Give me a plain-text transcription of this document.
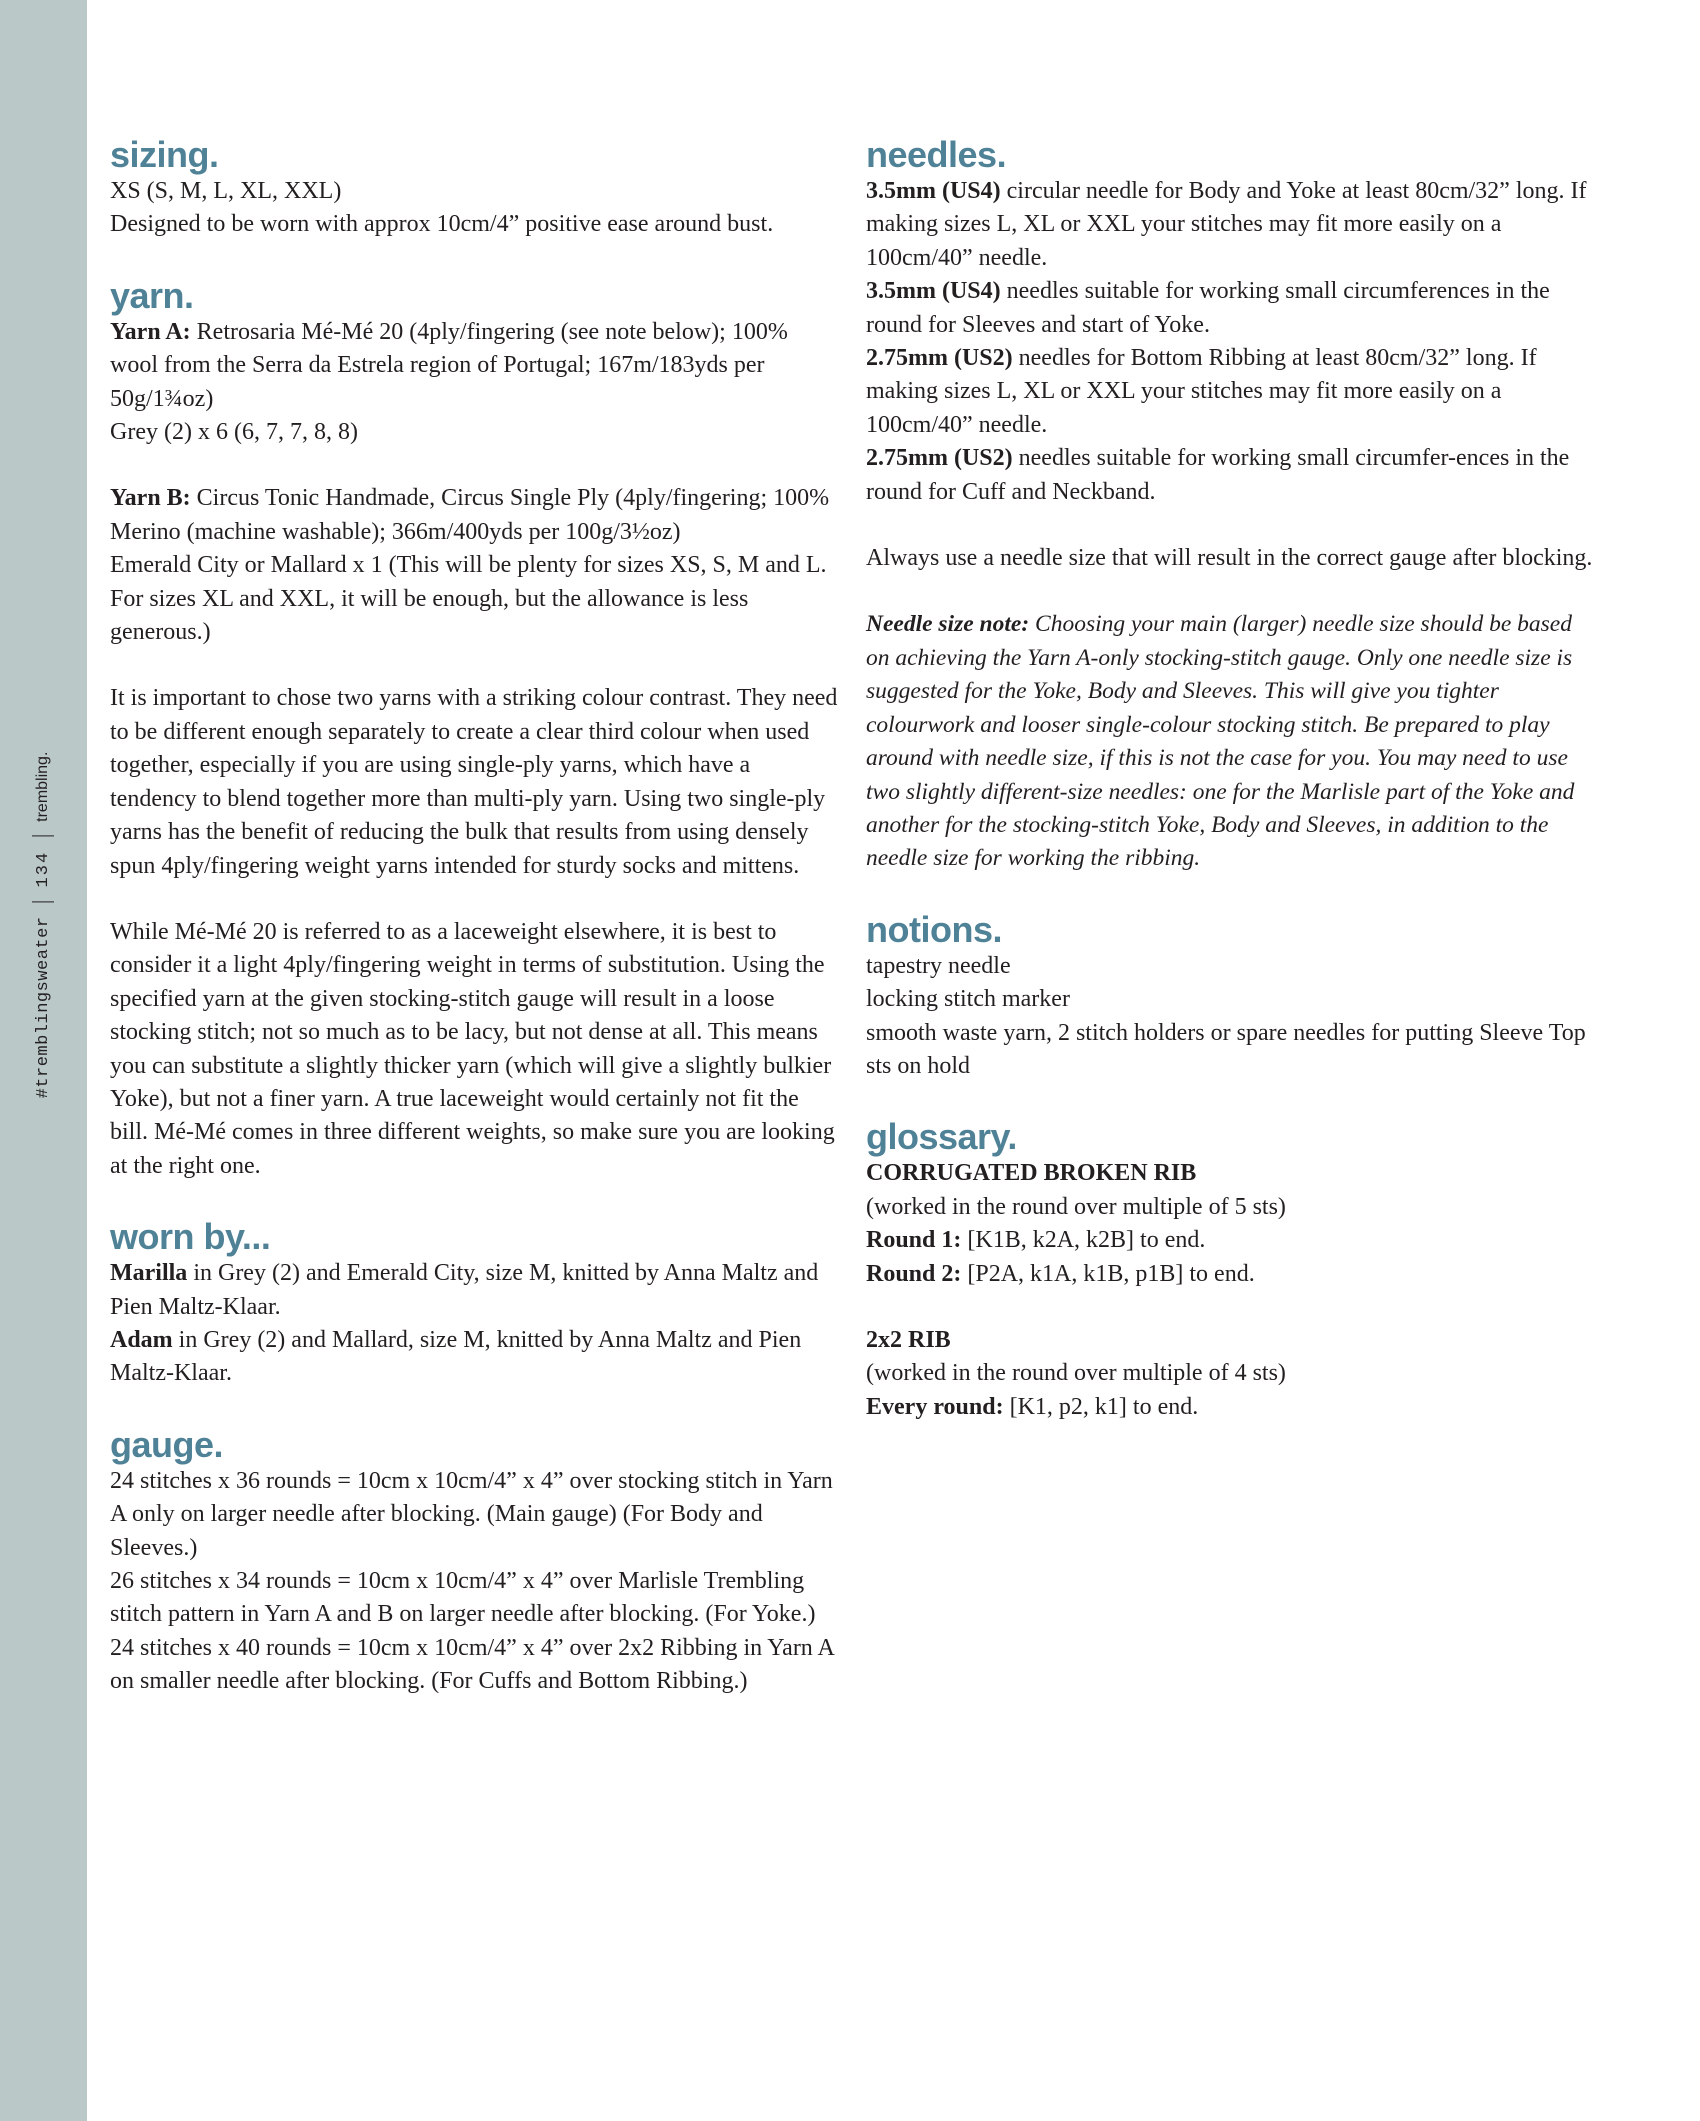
#tremblingsweater
134
trembling.
sizing.

XS (S, M, L, XL, XXL)

Designed to be worn with approx 10cm/4” positive ease around bust.

yarn.

Yarn A: Retrosaria Mé-Mé 20 (4ply/fingering (see note below); 100% wool from the Serra da Estrela region of Portugal; 167m/183yds per 50g/1¾oz)

Grey (2) x 6 (6, 7, 7, 8, 8)

Yarn B: Circus Tonic Handmade, Circus Single Ply (4ply/fingering; 100% Merino (machine washable); 366m/400yds per 100g/3½oz)

Emerald City or Mallard x 1 (This will be plenty for sizes XS, S, M and L. For sizes XL and XXL, it will be enough, but the allowance is less generous.)

It is important to chose two yarns with a striking colour contrast. They need to be different enough separately to create a clear third colour when used together, especially if you are using single-ply yarns, which have a tendency to blend together more than multi-ply yarn. Using two single-ply yarns has the benefit of reducing the bulk that results from using densely spun 4ply/fingering weight yarns intended for sturdy socks and mittens.

While Mé-Mé 20 is referred to as a laceweight elsewhere, it is best to consider it a light 4ply/fingering weight in terms of substitution. Using the specified yarn at the given stocking-stitch gauge will result in a loose stocking stitch; not so much as to be lacy, but not dense at all. This means you can substitute a slightly thicker yarn (which will give a slightly bulkier Yoke), but not a finer yarn. A true laceweight would certainly not fit the bill. Mé-Mé comes in three different weights, so make sure you are looking at the right one.

worn by...

Marilla in Grey (2) and Emerald City, size M, knitted by Anna Maltz and Pien Maltz-Klaar.

Adam in Grey (2) and Mallard, size M, knitted by Anna Maltz and Pien Maltz-Klaar.

gauge.

24 stitches x 36 rounds = 10cm x 10cm/4” x 4” over stocking stitch in Yarn A only on larger needle after blocking. (Main gauge) (For Body and Sleeves.)

26 stitches x 34 rounds = 10cm x 10cm/4” x 4” over Marlisle Trembling stitch pattern in Yarn A and B on larger needle after blocking. (For Yoke.)

24 stitches x 40 rounds = 10cm x 10cm/4” x 4” over 2x2 Ribbing in Yarn A on smaller needle after blocking. (For Cuffs and Bottom Ribbing.)

needles.

3.5mm (US4) circular needle for Body and Yoke at least 80cm/32” long. If making sizes L, XL or XXL your stitches may fit more easily on a 100cm/40” needle.

3.5mm (US4) needles suitable for working small circumferences in the round for Sleeves and start of Yoke.

2.75mm (US2) needles for Bottom Ribbing at least 80cm/32” long. If making sizes L, XL or XXL your stitches may fit more easily on a 100cm/40” needle.

2.75mm (US2) needles suitable for working small circumfer-ences in the round for Cuff and Neckband.

Always use a needle size that will result in the correct gauge after blocking.

Needle size note: Choosing your main (larger) needle size should be based on achieving the Yarn A-only stocking-stitch gauge. Only one needle size is suggested for the Yoke, Body and Sleeves. This will give you tighter colourwork and looser single-colour stocking stitch. Be prepared to play around with needle size, if this is not the case for you. You may need to use two slightly different-size needles: one for the Marlisle part of the Yoke and another for the stocking-stitch Yoke, Body and Sleeves, in addition to the needle size for working the ribbing.

notions.

tapestry needle

locking stitch marker

smooth waste yarn, 2 stitch holders or spare needles for putting Sleeve Top sts on hold

glossary.

CORRUGATED BROKEN RIB

(worked in the round over multiple of 5 sts)

Round 1: [K1B, k2A, k2B] to end.

Round 2: [P2A, k1A, k1B, p1B] to end.

2x2 RIB

(worked in the round over multiple of 4 sts)

Every round: [K1, p2, k1] to end.
